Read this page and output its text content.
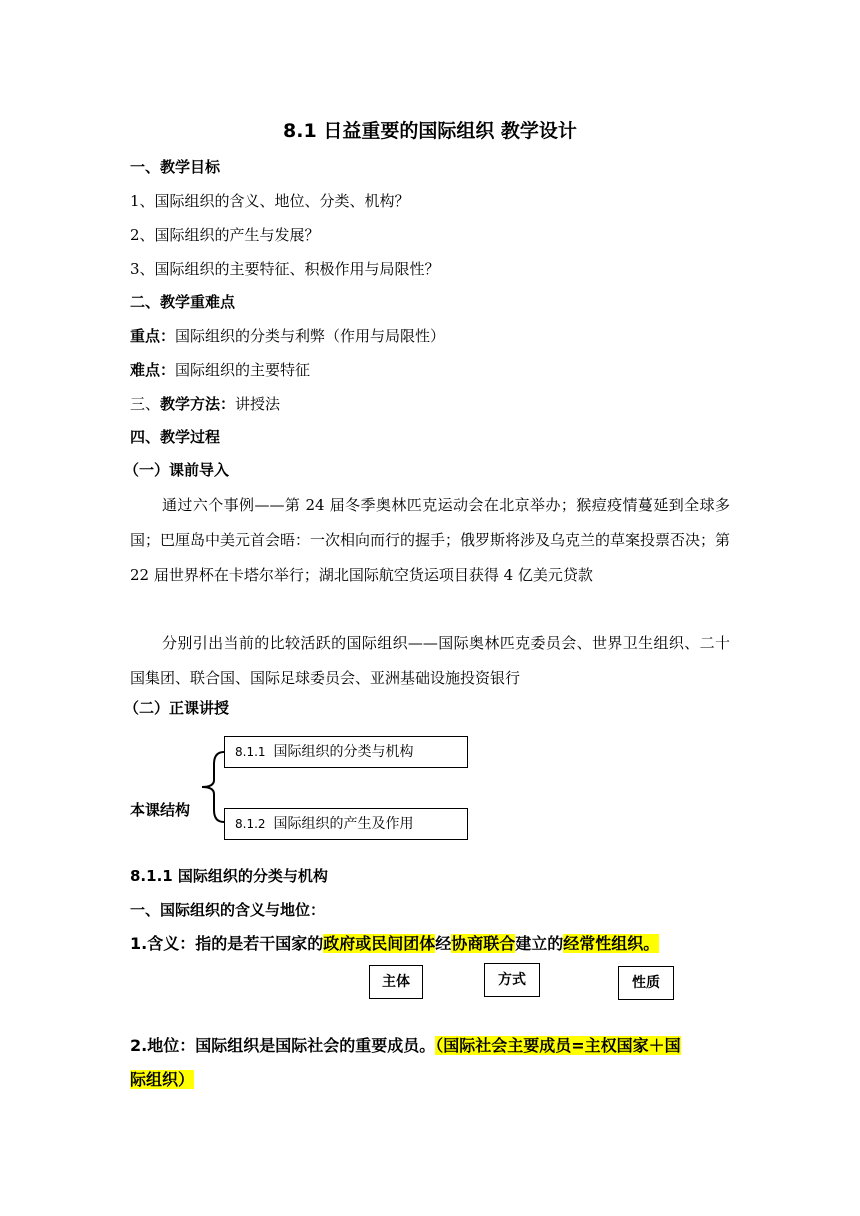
8.1 日益重要的国际组织 教学设计
一、教学目标
1、国际组织的含义、地位、分类、机构？
2、国际组织的产生与发展？
3、国际组织的主要特征、积极作用与局限性？
二、教学重难点
重点：国际组织的分类与利弊（作用与局限性）
难点：国际组织的主要特征
三、教学方法：讲授法
四、教学过程
（一）课前导入
通过六个事例——第 24 届冬季奥林匹克运动会在北京举办；猴痘疫情蔓延到全球多国；巴厘岛中美元首会晤：一次相向而行的握手；俄罗斯将涉及乌克兰的草案投票否决；第 22 届世界杯在卡塔尔举行；湖北国际航空货运项目获得 4 亿美元贷款
分别引出当前的比较活跃的国际组织——国际奥林匹克委员会、世界卫生组织、二十国集团、联合国、国际足球委员会、亚洲基础设施投资银行
（二）正课讲授
本课结构
8.1.1 国际组织的分类与机构
8.1.2 国际组织的产生及作用
8.1.1 国际组织的分类与机构
一、国际组织的含义与地位：
1.含义：指的是若干国家的政府或民间团体经协商联合建立的经常性组织。
主体	方式	性质
2.地位：国际组织是国际社会的重要成员。（国际社会主要成员=主权国家＋国
际组织）
